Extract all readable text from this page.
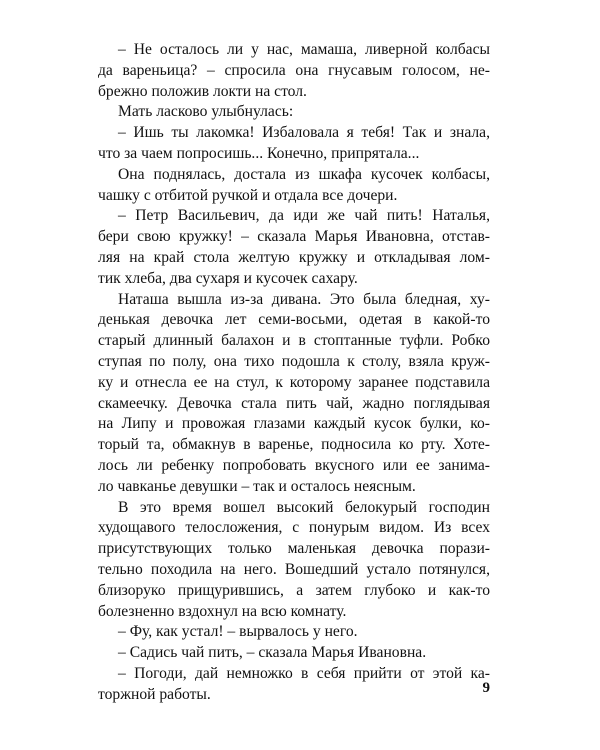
– Не осталось ли у нас, мамаша, ливерной колбасы
да вареньица? – спросила она гнусавым голосом, не-
брежно положив локти на стол.
Мать ласково улыбнулась:
– Ишь ты лакомка! Избаловала я тебя! Так и знала,
что за чаем попросишь... Конечно, припрятала...
Она поднялась, достала из шкафа кусочек колбасы,
чашку с отбитой ручкой и отдала все дочери.
– Петр Васильевич, да иди же чай пить! Наталья,
бери свою кружку! – сказала Марья Ивановна, отстав-
ляя на край стола желтую кружку и откладывая лом-
тик хлеба, два сухаря и кусочек сахару.
Наташа вышла из-за дивана. Это была бледная, ху-
денькая девочка лет семи-восьми, одетая в какой-то
старый длинный балахон и в стоптанные туфли. Робко
ступая по полу, она тихо подошла к столу, взяла круж-
ку и отнесла ее на стул, к которому заранее подставила
скамеечку. Девочка стала пить чай, жадно поглядывая
на Липу и провожая глазами каждый кусок булки, ко-
торый та, обмакнув в варенье, подносила ко рту. Хоте-
лось ли ребенку попробовать вкусного или ее занима-
ло чавканье девушки – так и осталось неясным.
В это время вошел высокий белокурый господин
худощавого телосложения, с понурым видом. Из всех
присутствующих только маленькая девочка порази-
тельно походила на него. Вошедший устало потянулся,
близоруко прищурившись, а затем глубоко и как-то
болезненно вздохнул на всю комнату.
– Фу, как устал! – вырвалось у него.
– Садись чай пить, – сказала Марья Ивановна.
– Погоди, дай немножко в себя прийти от этой ка-
торжной работы.	9
